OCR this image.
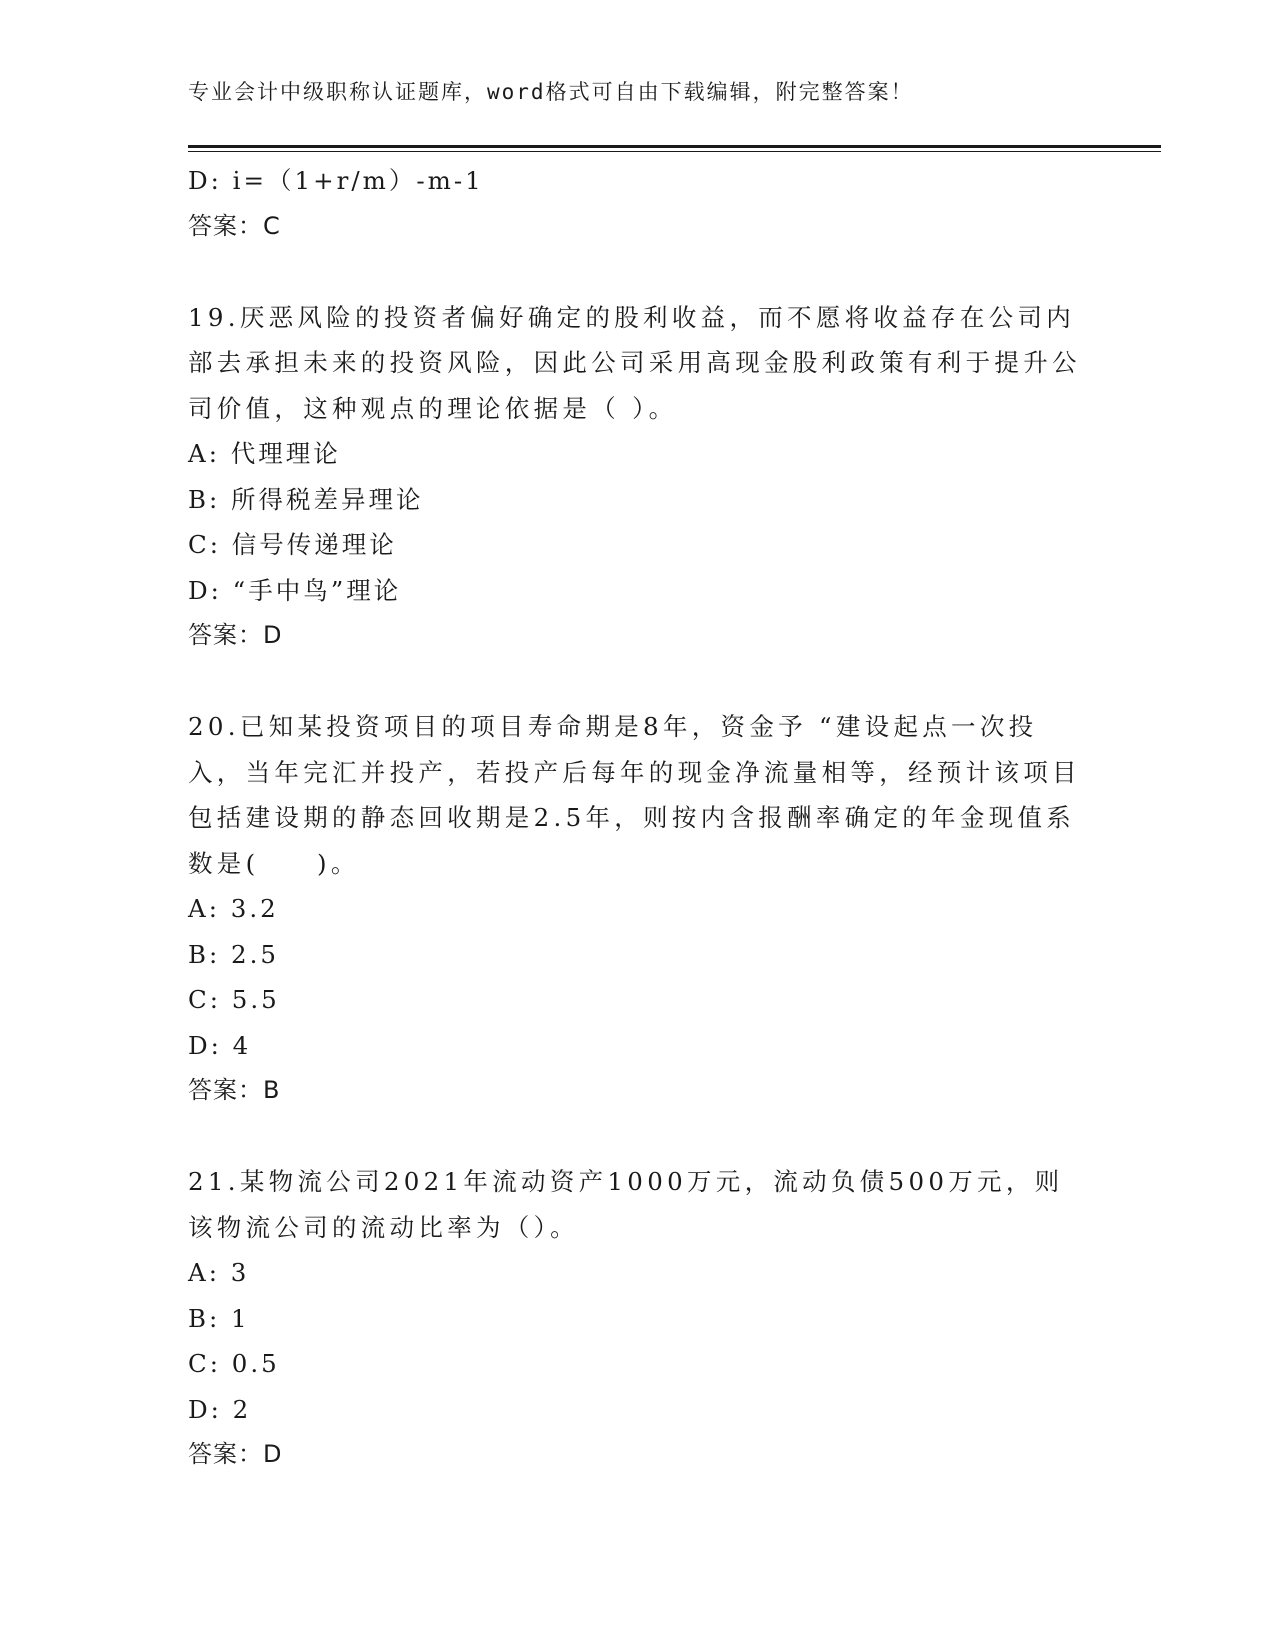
专业会计中级职称认证题库，word格式可自由下载编辑，附完整答案！
D: i=（1+r/m）-m-1
答案：C
19.厌恶风险的投资者偏好确定的股利收益，而不愿将收益存在公司内部去承担未来的投资风险，因此公司采用高现金股利政策有利于提升公司价值，这种观点的理论依据是（ ）。
A: 代理理论
B: 所得税差异理论
C: 信号传递理论
D: “手中鸟”理论
答案：D
20.已知某投资项目的项目寿命期是8年，资金予 “建设起点一次投入，当年完汇并投产，若投产后每年的现金净流量相等，经预计该项目包括建设期的静态回收期是2.5年，则按内含报酬率确定的年金现值系数是(　　)。
A: 3.2
B: 2.5
C: 5.5
D: 4
答案：B
21.某物流公司2021年流动资产1000万元，流动负债500万元，则该物流公司的流动比率为（）。
A: 3
B: 1
C: 0.5
D: 2
答案：D
